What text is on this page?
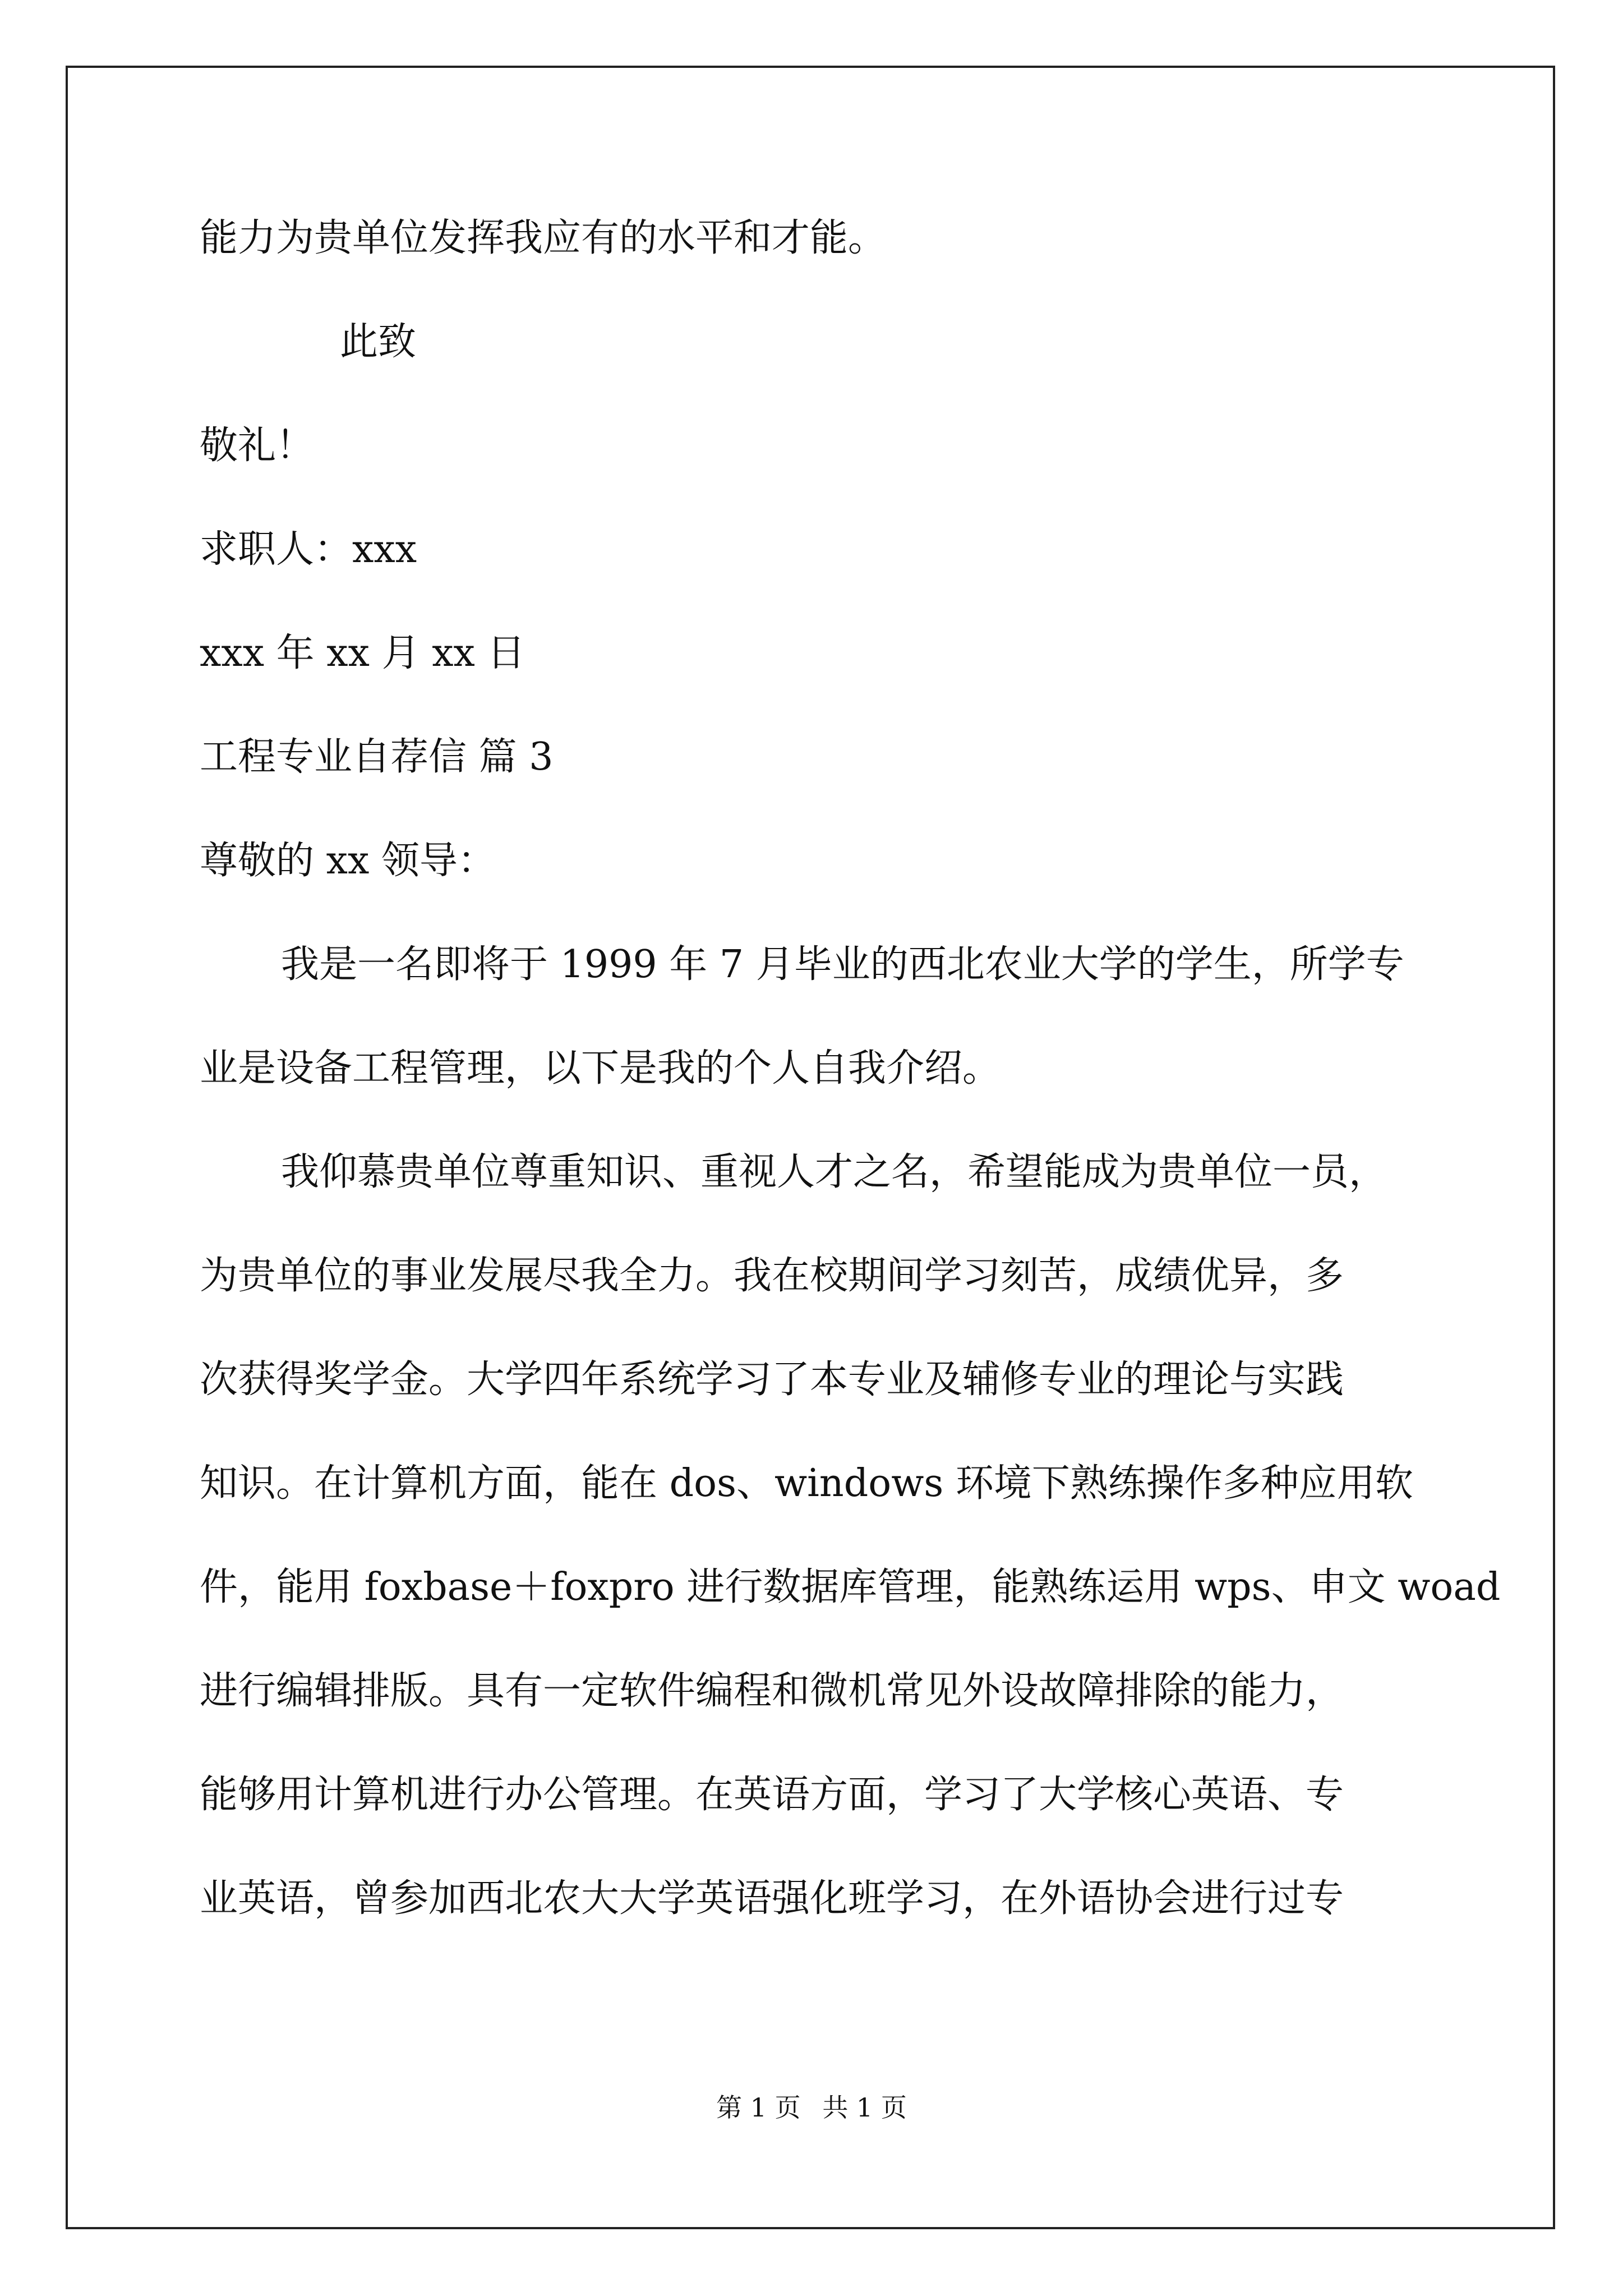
能力为贵单位发挥我应有的水平和才能。
此致
敬礼！
求职人：xxx
xxx 年 xx 月 xx 日
工程专业自荐信 篇 3
尊敬的 xx 领导：
我是一名即将于 1999 年 7 月毕业的西北农业大学的学生，所学专
业是设备工程管理，以下是我的个人自我介绍。
我仰慕贵单位尊重知识、重视人才之名，希望能成为贵单位一员，
为贵单位的事业发展尽我全力。我在校期间学习刻苦，成绩优异，多
次获得奖学金。大学四年系统学习了本专业及辅修专业的理论与实践
知识。在计算机方面，能在 dos、windows 环境下熟练操作多种应用软
件，能用 foxbase＋foxpro 进行数据库管理，能熟练运用 wps、申文 woad
进行编辑排版。具有一定软件编程和微机常见外设故障排除的能力，
能够用计算机进行办公管理。在英语方面，学习了大学核心英语、专
业英语，曾参加西北农大大学英语强化班学习，在外语协会进行过专
第 1 页 共 1 页
